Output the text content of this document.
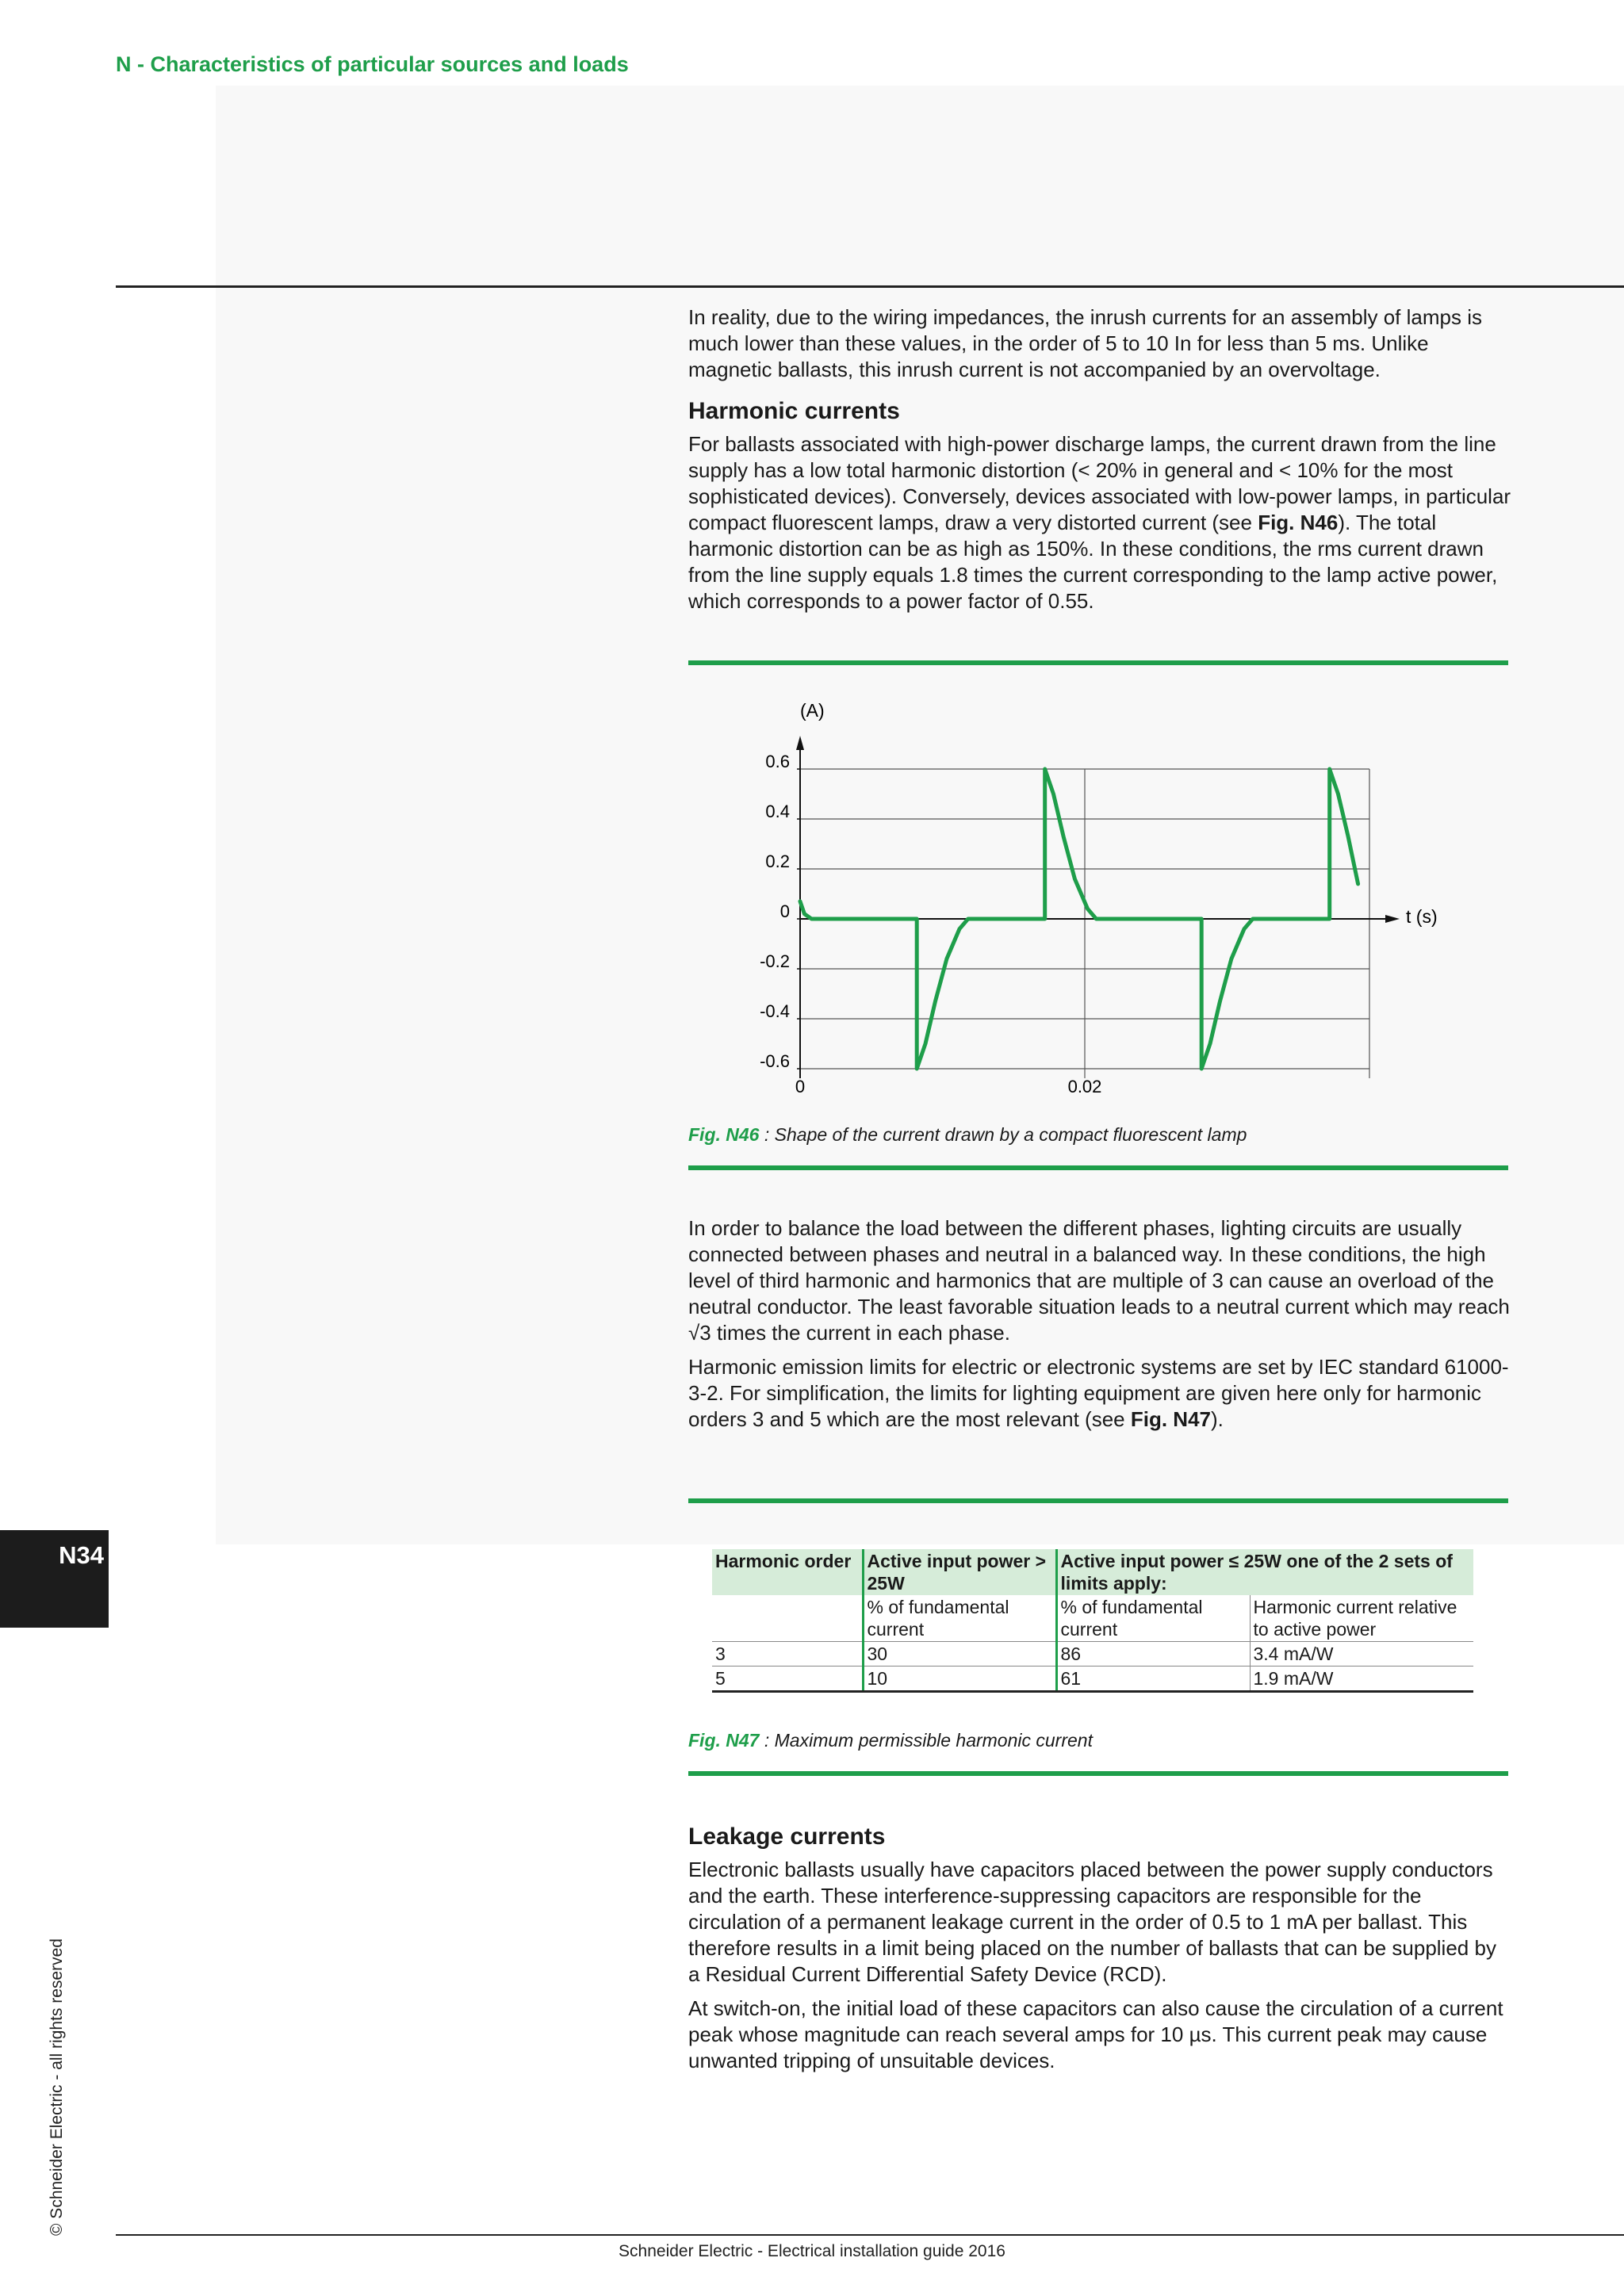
N - Characteristics of particular sources and loads

In reality, due to the wiring impedances, the inrush currents for an assembly of lamps is much lower than these values, in the order of 5 to 10 In for less than 5 ms. Unlike magnetic ballasts, this inrush current is not accompanied by an overvoltage.

Harmonic currents

For ballasts associated with high-power discharge lamps, the current drawn from the line supply has a low total harmonic distortion (< 20% in general and < 10% for the most sophisticated devices). Conversely, devices associated with low-power lamps, in particular compact fluorescent lamps, draw a very distorted current (see Fig. N46). The total harmonic distortion can be as high as 150%. In these conditions, the rms current drawn from the line supply equals 1.8 times the current corresponding to the lamp active power, which corresponds to a power factor of 0.55.

0.6
0.4
0.2
0
-0.2
-0.4
-0.6
0	0.02
(A)
t (s)
Fig. N46 : Shape of the current drawn by a compact fluorescent lamp

In order to balance the load between the different phases, lighting circuits are usually connected between phases and neutral in a balanced way. In these conditions, the high level of third harmonic and harmonics that are multiple of 3 can cause an overload of the neutral conductor. The least favorable situation leads to a neutral current which may reach √3 times the current in each phase.

Harmonic emission limits for electric or electronic systems are set by IEC standard 61000-3-2. For simplification, the limits for lighting equipment are given here only for harmonic orders 3 and 5 which are the most relevant (see Fig. N47).

N34	Harmonic order	Active input power > 25W	Active input power ≤ 25W one of the 2 sets of limits apply:	
	% of fundamental current	% of fundamental current	Harmonic current relative to active power
3	30	86	3.4 mA/W
5	10	61	1.9 mA/W
Fig. N47 : Maximum permissible harmonic current
Leakage currents

Electronic ballasts usually have capacitors placed between the power supply conductors and the earth. These interference-suppressing capacitors are responsible for the circulation of a permanent leakage current in the order of 0.5 to 1 mA per ballast. This therefore results in a limit being placed on the number of ballasts that can be supplied by a Residual Current Differential Safety Device (RCD).

At switch-on, the initial load of these capacitors can also cause the circulation of a current peak whose magnitude can reach several amps for 10 µs. This current peak may cause unwanted tripping of unsuitable devices.

© Schneider Electric - all rights reserved
Schneider Electric - Electrical installation guide 2016
